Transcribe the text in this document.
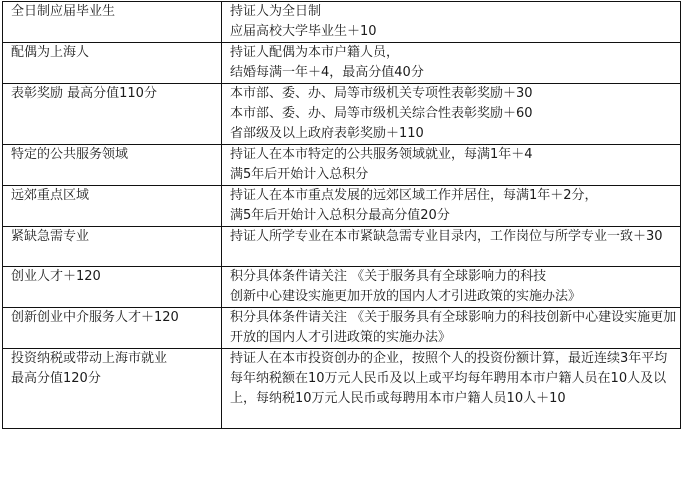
全日制应届毕业生	持证人为全日制
应届高校大学毕业生＋10
配偶为上海人	持证人配偶为本市户籍人员，
结婚每满一年＋4，最高分值40分
表彰奖励 最高分值110分	本市部、委、办、局等市级机关专项性表彰奖励＋30
本市部、委、办、局等市级机关综合性表彰奖励＋60
省部级及以上政府表彰奖励＋110
特定的公共服务领域	持证人在本市特定的公共服务领域就业，每满1年＋4
满5年后开始计入总积分
远郊重点区域	持证人在本市重点发展的远郊区域工作并居住，每满1年＋2分，
满5年后开始计入总积分最高分值20分
紧缺急需专业	持证人所学专业在本市紧缺急需专业目录内，工作岗位与所学专业一致＋30
创业人才＋120	积分具体条件请关注 《关于服务具有全球影响力的科技
创新中心建设实施更加开放的国内人才引进政策的实施办法》
创新创业中介服务人才＋120	积分具体条件请关注 《关于服务具有全球影响力的科技创新中心建设实施更加开放的国内人才引进政策的实施办法》
投资纳税或带动上海市就业
最高分值120分	持证人在本市投资创办的企业，按照个人的投资份额计算，最近连续3年平均每年纳税额在10万元人民币及以上或平均每年聘用本市户籍人员在10人及以上，每纳税10万元人民币或每聘用本市户籍人员10人＋10
